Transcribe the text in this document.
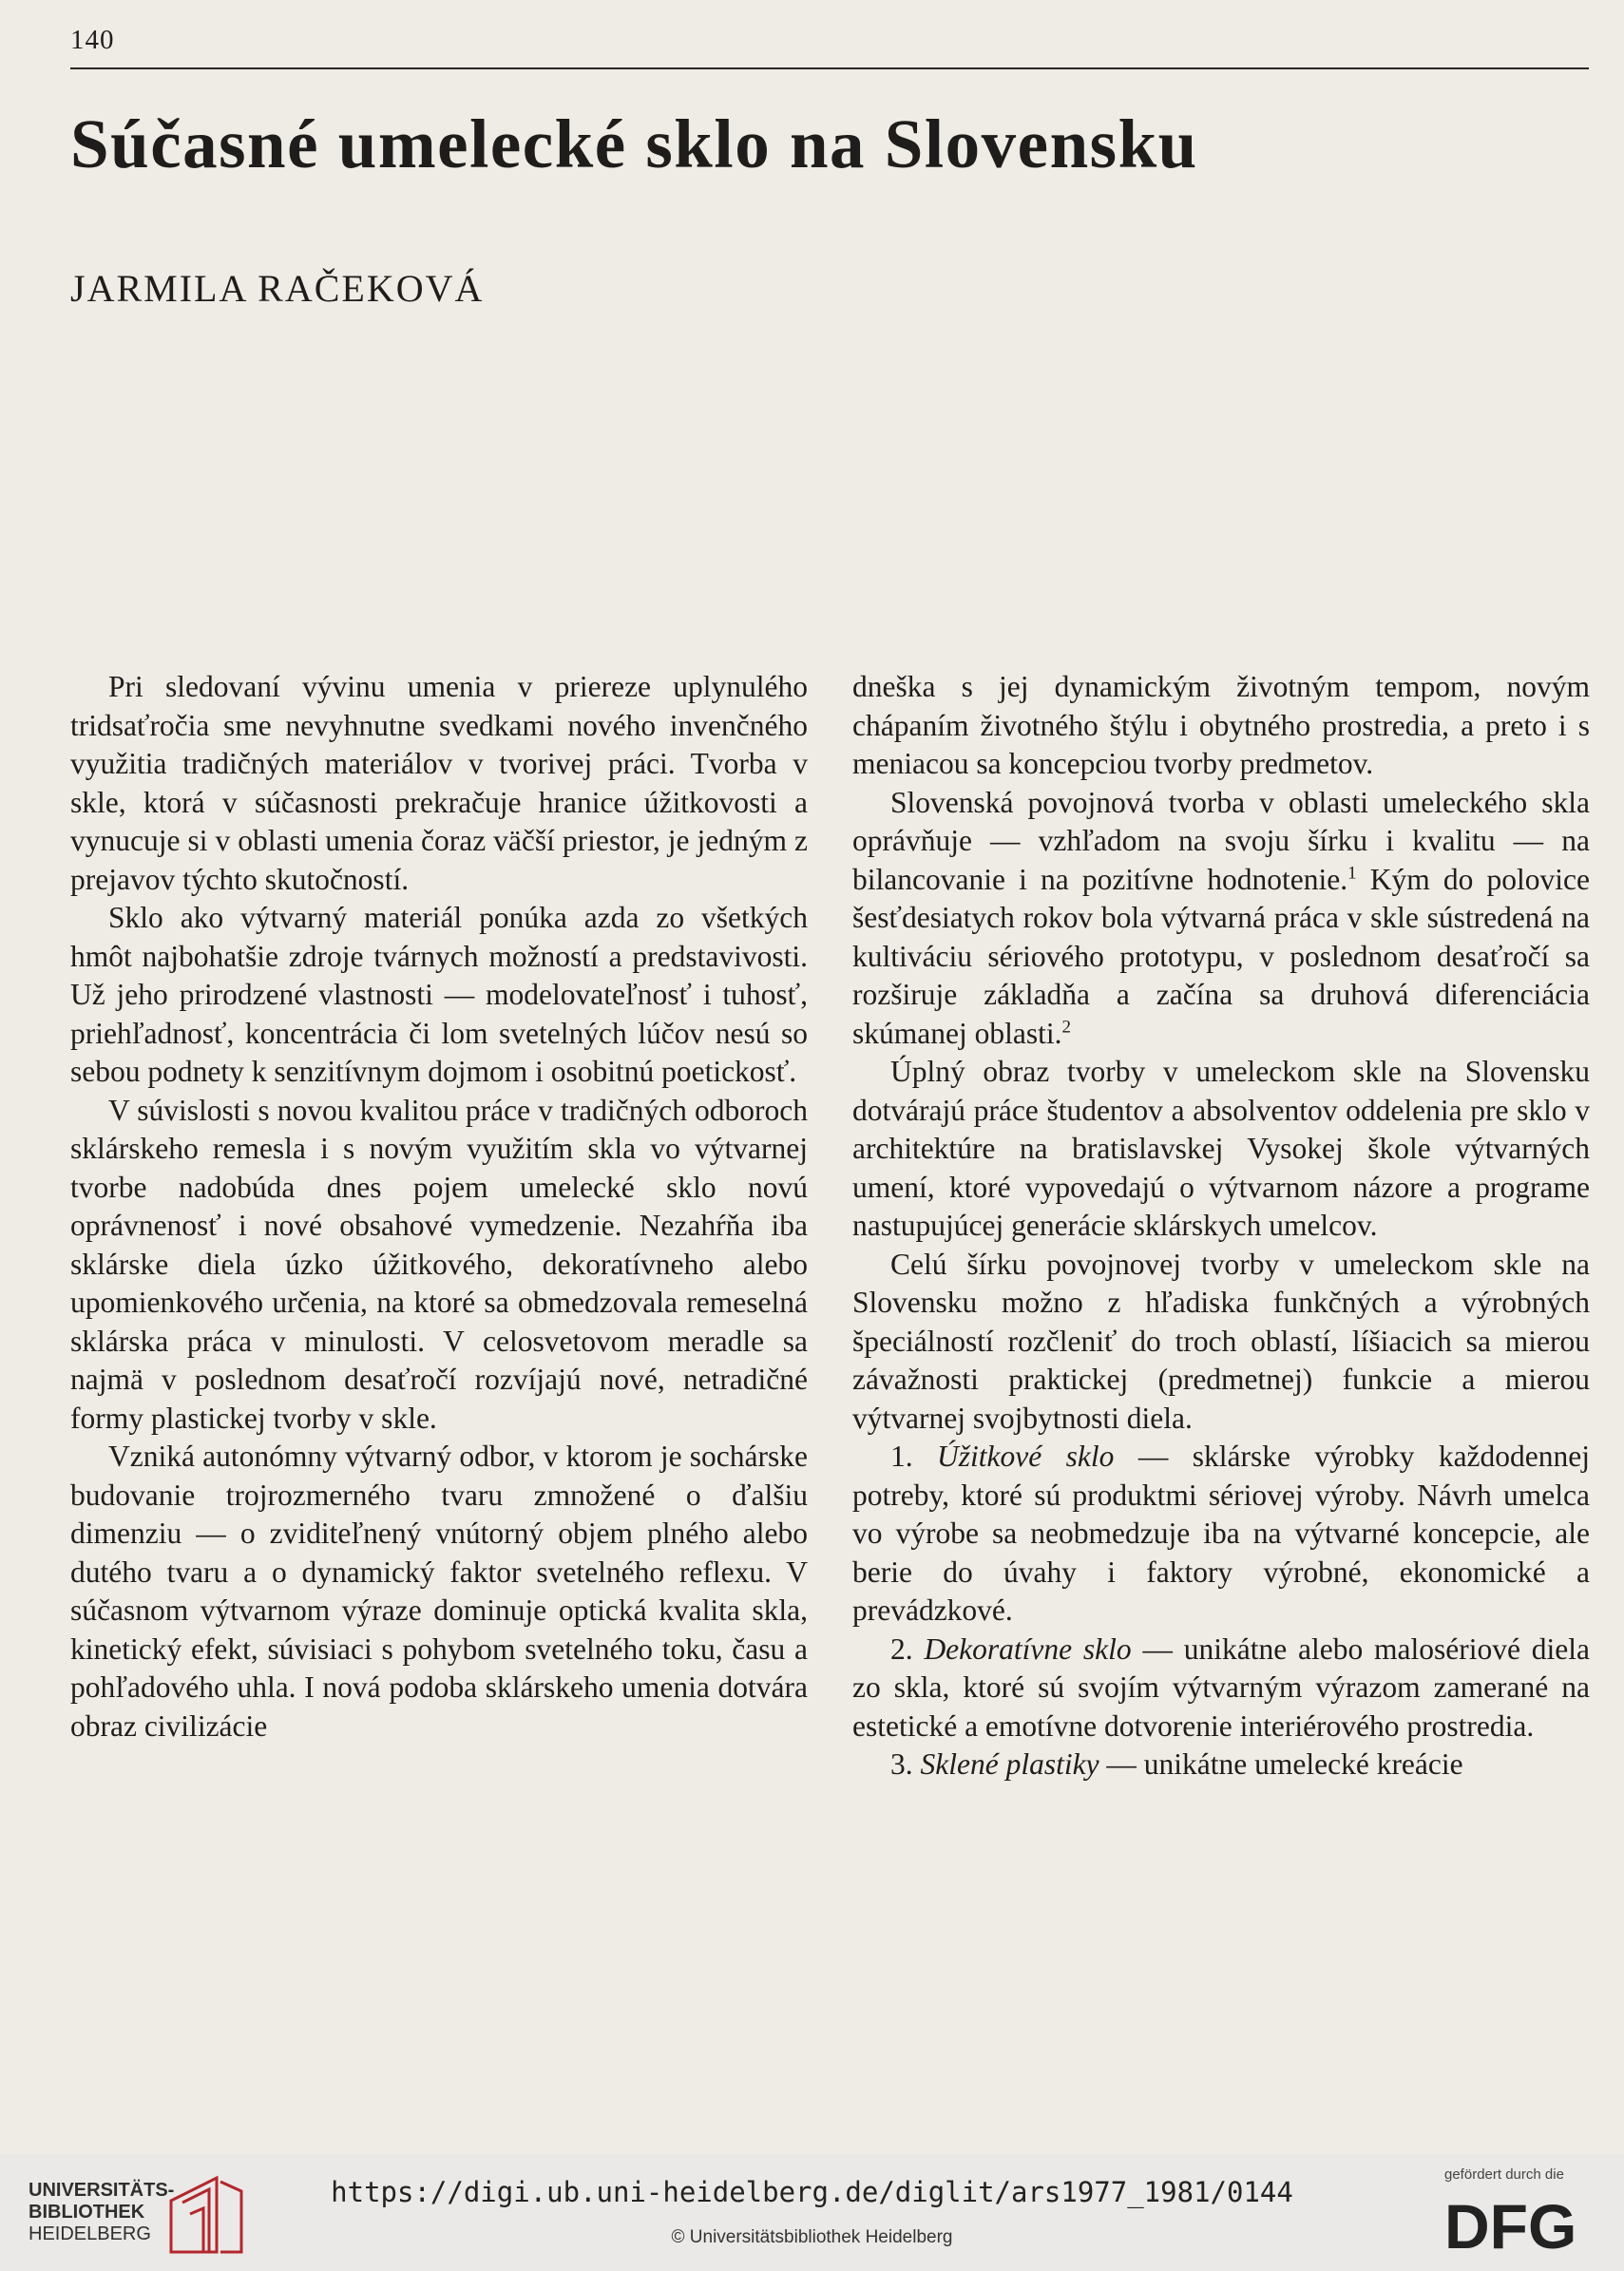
140
Súčasné umelecké sklo na Slovensku
JARMILA RAČEKOVÁ

Pri sledovaní vývinu umenia v priereze uplynulého tridsaťročia sme nevyhnutne svedkami nového invenčného využitia tradičných materiálov v tvorivej práci. Tvorba v skle, ktorá v súčasnosti prekračuje hranice úžitkovosti a vynucuje si v oblasti umenia čoraz väčší priestor, je jedným z prejavov týchto skutočností.

Sklo ako výtvarný materiál ponúka azda zo všetkých hmôt najbohatšie zdroje tvárnych možností a predstavivosti. Už jeho prirodzené vlastnosti — modelovateľnosť i tuhosť, priehľadnosť, koncentrácia či lom svetelných lúčov nesú so sebou podnety k senzitívnym dojmom i osobitnú poetickosť.

V súvislosti s novou kvalitou práce v tradičných odboroch sklárskeho remesla i s novým využitím skla vo výtvarnej tvorbe nadobúda dnes pojem umelecké sklo novú oprávnenosť i nové obsahové vymedzenie. Nezahŕňa iba sklárske diela úzko úžitkového, dekoratívneho alebo upomienkového určenia, na ktoré sa obmedzovala remeselná sklárska práca v minulosti. V celosvetovom meradle sa najmä v poslednom desaťročí rozvíjajú nové, netradičné formy plastickej tvorby v skle.

Vzniká autonómny výtvarný odbor, v ktorom je sochárske budovanie trojrozmerného tvaru zmnožené o ďalšiu dimenziu — o zviditeľnený vnútorný objem plného alebo dutého tvaru a o dynamický faktor svetelného reflexu. V súčasnom výtvarnom výraze dominuje optická kvalita skla, kinetický efekt, súvisiaci s pohybom svetelného toku, času a pohľadového uhla. I nová podoba sklárskeho umenia dotvára obraz civilizácie

dneška s jej dynamickým životným tempom, novým chápaním životného štýlu i obytného prostredia, a preto i s meniacou sa koncepciou tvorby predmetov.

Slovenská povojnová tvorba v oblasti umeleckého skla oprávňuje — vzhľadom na svoju šírku i kvalitu — na bilancovanie i na pozitívne hodnotenie.$^1$ Kým do polovice šesťdesiatych rokov bola výtvarná práca v skle sústredená na kultiváciu sériového prototypu, v poslednom desaťročí sa rozširuje základňa a začína sa druhová diferenciácia skúmanej oblasti.$^2$

Úplný obraz tvorby v umeleckom skle na Slovensku dotvárajú práce študentov a absolventov oddelenia pre sklo v architektúre na bratislavskej Vysokej škole výtvarných umení, ktoré vypovedajú o výtvarnom názore a programe nastupujúcej generácie sklárskych umelcov.

Celú šírku povojnovej tvorby v umeleckom skle na Slovensku možno z hľadiska funkčných a výrobných špeciálností rozčleniť do troch oblastí, líšiacich sa mierou závažnosti praktickej (predmetnej) funkcie a mierou výtvarnej svojbytnosti diela.

1. Úžitkové sklo — sklárske výrobky každodennej potreby, ktoré sú produktmi sériovej výroby. Návrh umelca vo výrobe sa neobmedzuje iba na výtvarné koncepcie, ale berie do úvahy i faktory výrobné, ekonomické a prevádzkové.

2. Dekoratívne sklo — unikátne alebo malosériové diela zo skla, ktoré sú svojím výtvarným výrazom zamerané na estetické a emotívne dotvorenie interiérového prostredia.

3. Sklené plastiky — unikátne umelecké kreácie

UNIVERSITÄTS-
BIBLIOTHEK
HEIDELBERG
https://digi.ub.uni-heidelberg.de/diglit/ars1977_1981/0144
© Universitätsbibliothek Heidelberg
gefördert durch die
DFG
